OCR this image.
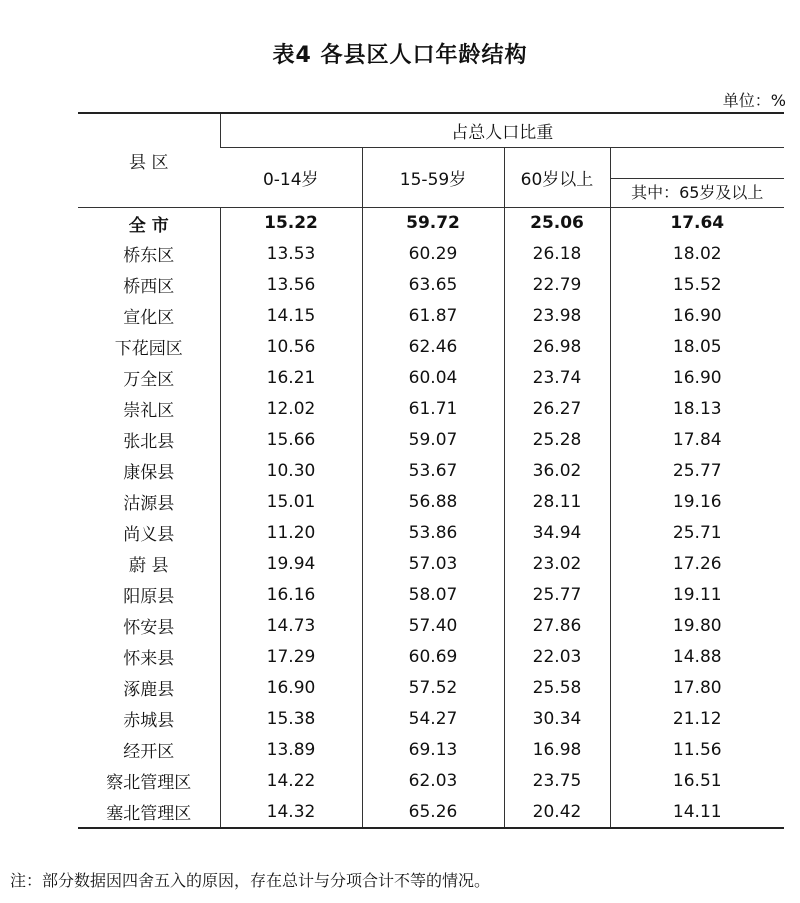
表4 各县区人口年龄结构
单位：%
县 区	占总人口比重			
	0-14岁	15-59岁	60岁以上	其中：65岁及以上

全 市	15.22	59.72	25.06	17.64
桥东区	13.53	60.29	26.18	18.02
桥西区	13.56	63.65	22.79	15.52
宣化区	14.15	61.87	23.98	16.90
下花园区	10.56	62.46	26.98	18.05
万全区	16.21	60.04	23.74	16.90
崇礼区	12.02	61.71	26.27	18.13
张北县	15.66	59.07	25.28	17.84
康保县	10.30	53.67	36.02	25.77
沽源县	15.01	56.88	28.11	19.16
尚义县	11.20	53.86	34.94	25.71
蔚 县	19.94	57.03	23.02	17.26
阳原县	16.16	58.07	25.77	19.11
怀安县	14.73	57.40	27.86	19.80
怀来县	17.29	60.69	22.03	14.88
涿鹿县	16.90	57.52	25.58	17.80
赤城县	15.38	54.27	30.34	21.12
经开区	13.89	69.13	16.98	11.56
察北管理区	14.22	62.03	23.75	16.51
塞北管理区	14.32	65.26	20.42	14.11
注：部分数据因四舍五入的原因，存在总计与分项合计不等的情况。
